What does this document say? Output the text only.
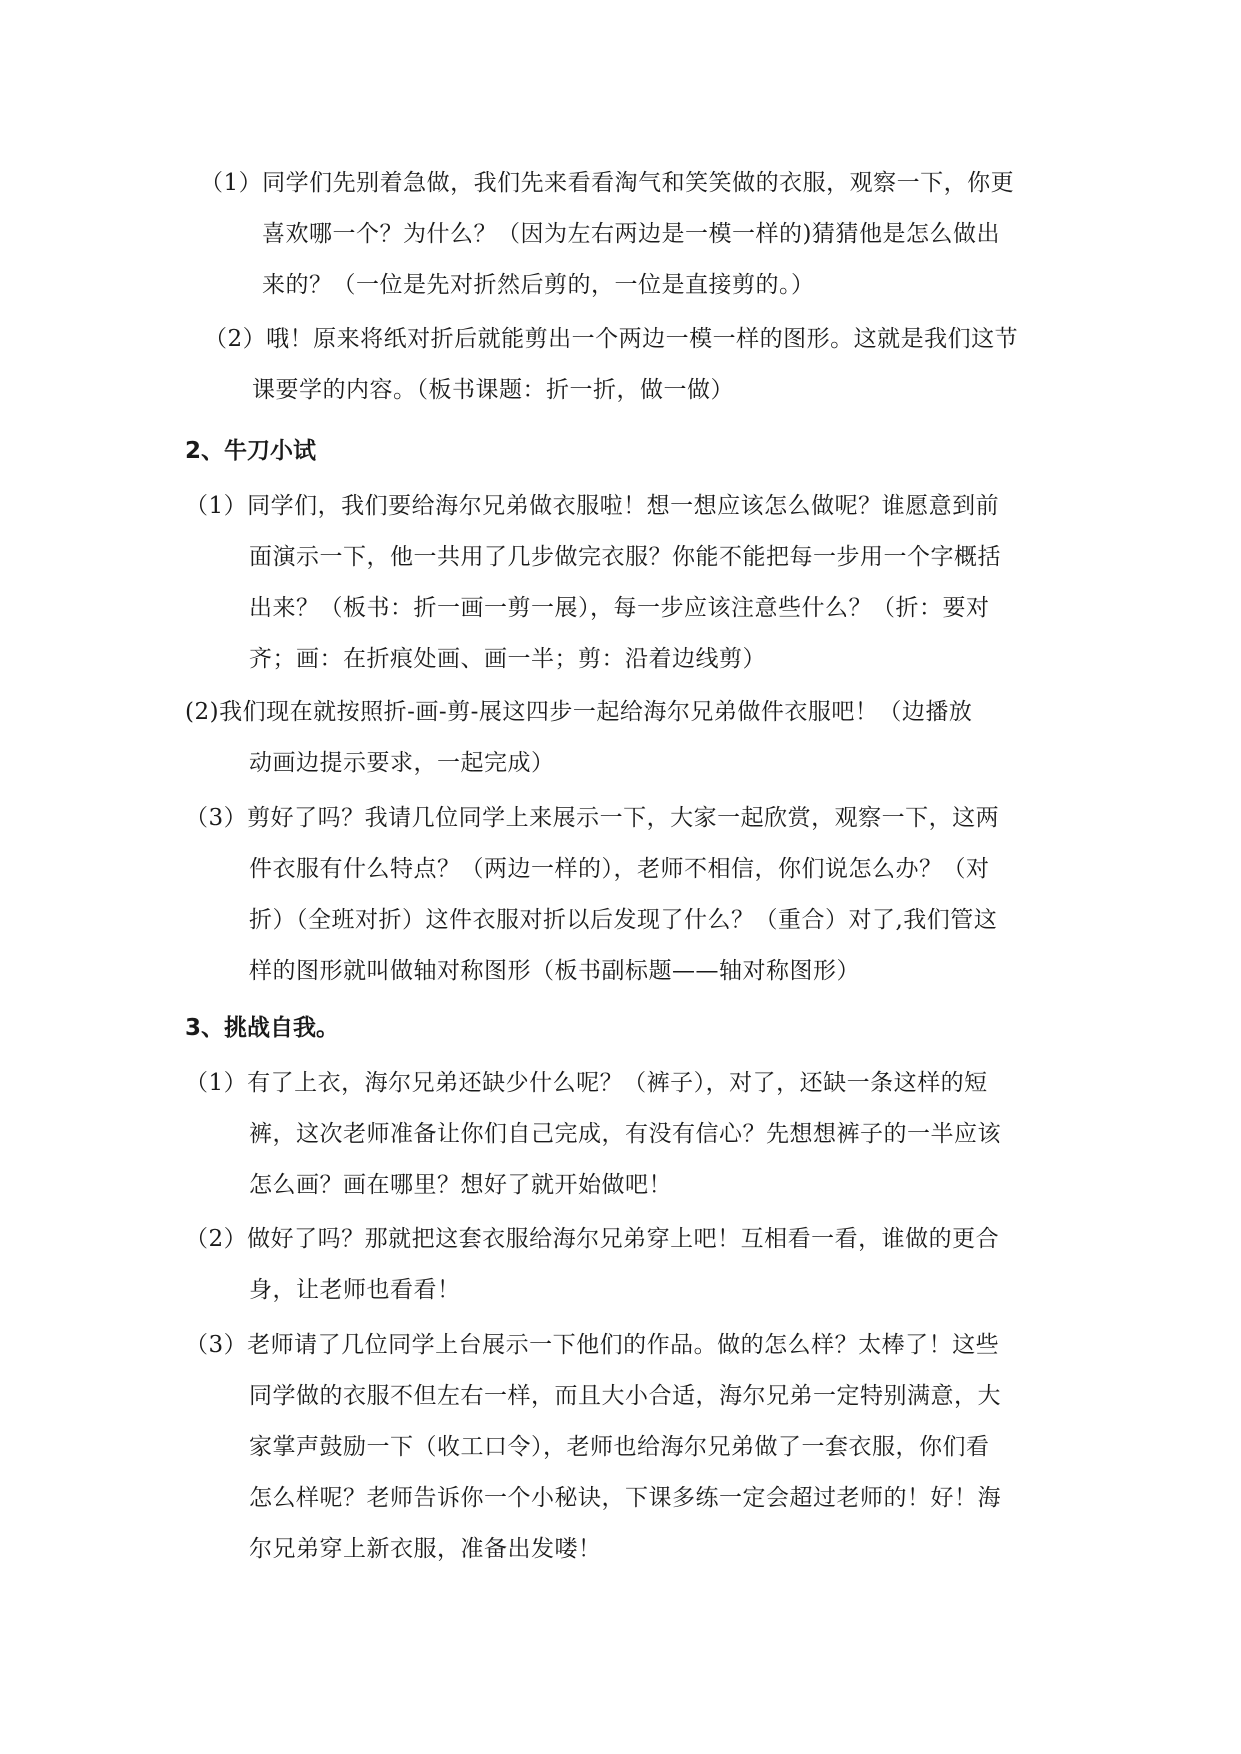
（1）同学们先别着急做，我们先来看看淘气和笑笑做的衣服，观察一下，你更
喜欢哪一个？为什么？（因为左右两边是一模一样的)猜猜他是怎么做出
来的？（一位是先对折然后剪的，一位是直接剪的。）
（2）哦！原来将纸对折后就能剪出一个两边一模一样的图形。这就是我们这节
课要学的内容。（板书课题：折一折，做一做）
2、牛刀小试
（1）同学们，我们要给海尔兄弟做衣服啦！想一想应该怎么做呢？谁愿意到前
面演示一下，他一共用了几步做完衣服？你能不能把每一步用一个字概括
出来？（板书：折一画一剪一展），每一步应该注意些什么？（折：要对
齐；画：在折痕处画、画一半；剪：沿着边线剪）
(2)我们现在就按照折-画-剪-展这四步一起给海尔兄弟做件衣服吧！（边播放
动画边提示要求，一起完成）
（3）剪好了吗？我请几位同学上来展示一下，大家一起欣赏，观察一下，这两
件衣服有什么特点？（两边一样的），老师不相信，你们说怎么办？（对
折）（全班对折）这件衣服对折以后发现了什么？（重合）对了,我们管这
样的图形就叫做轴对称图形（板书副标题——轴对称图形）
3、挑战自我。
（1）有了上衣，海尔兄弟还缺少什么呢？（裤子），对了，还缺一条这样的短
裤，这次老师准备让你们自己完成，有没有信心？先想想裤子的一半应该
怎么画？画在哪里？想好了就开始做吧！
（2）做好了吗？那就把这套衣服给海尔兄弟穿上吧！互相看一看，谁做的更合
身，让老师也看看！
（3）老师请了几位同学上台展示一下他们的作品。做的怎么样？太棒了！这些
同学做的衣服不但左右一样，而且大小合适，海尔兄弟一定特别满意，大
家掌声鼓励一下（收工口令），老师也给海尔兄弟做了一套衣服，你们看
怎么样呢？老师告诉你一个小秘诀，下课多练一定会超过老师的！好！海
尔兄弟穿上新衣服，准备出发喽！
